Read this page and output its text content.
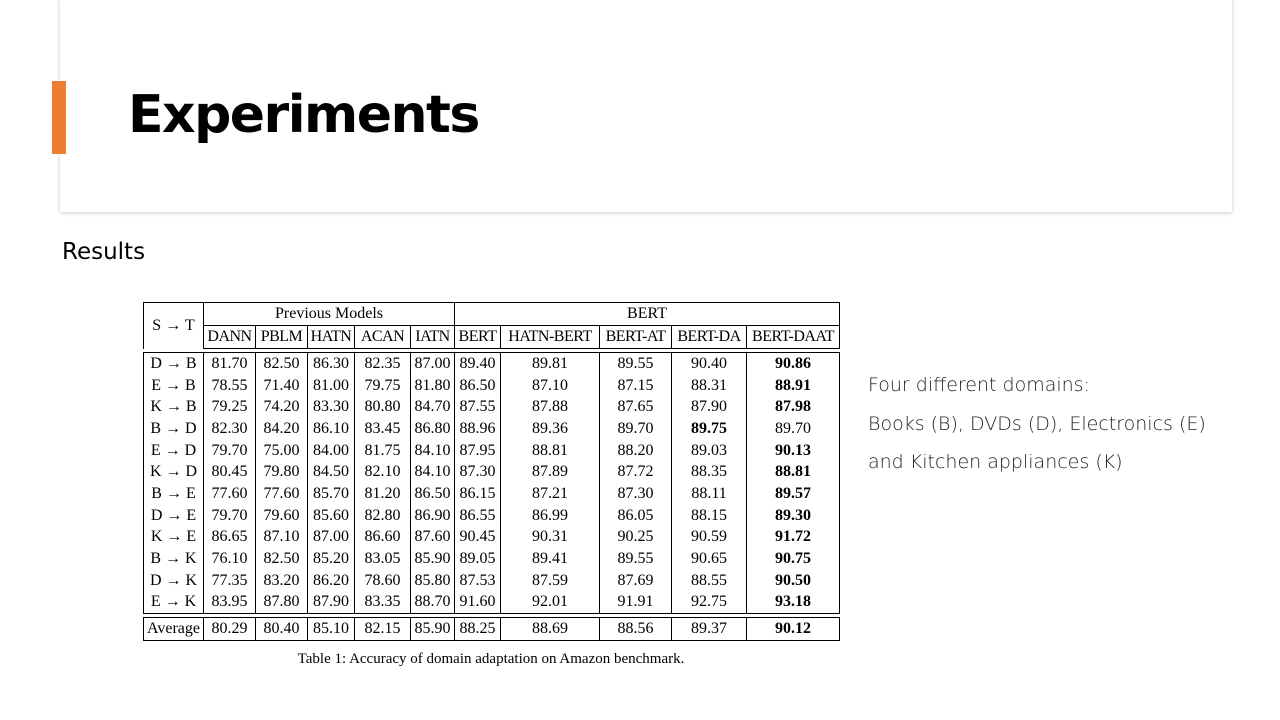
Experiments
Results
S → T	Previous Models					BERT				
	DANN	PBLM	HATN	ACAN	IATN	BERT	HATN-BERT	BERT-AT	BERT-DA	BERT-DAAT

D → B	81.70	82.50	86.30	82.35	87.00	89.40	89.81	89.55	90.40	90.86
E → B	78.55	71.40	81.00	79.75	81.80	86.50	87.10	87.15	88.31	88.91
K → B	79.25	74.20	83.30	80.80	84.70	87.55	87.88	87.65	87.90	87.98
B → D	82.30	84.20	86.10	83.45	86.80	88.96	89.36	89.70	89.75	89.70
E → D	79.70	75.00	84.00	81.75	84.10	87.95	88.81	88.20	89.03	90.13
K → D	80.45	79.80	84.50	82.10	84.10	87.30	87.89	87.72	88.35	88.81
B → E	77.60	77.60	85.70	81.20	86.50	86.15	87.21	87.30	88.11	89.57
D → E	79.70	79.60	85.60	82.80	86.90	86.55	86.99	86.05	88.15	89.30
K → E	86.65	87.10	87.00	86.60	87.60	90.45	90.31	90.25	90.59	91.72
B → K	76.10	82.50	85.20	83.05	85.90	89.05	89.41	89.55	90.65	90.75
D → K	77.35	83.20	86.20	78.60	85.80	87.53	87.59	87.69	88.55	90.50
E → K	83.95	87.80	87.90	83.35	88.70	91.60	92.01	91.91	92.75	93.18

Average	80.29	80.40	85.10	82.15	85.90	88.25	88.69	88.56	89.37	90.12
Table 1: Accuracy of domain adaptation on Amazon benchmark.
Four different domains:
Books (B), DVDs (D), Electronics (E)
and Kitchen appliances (K)
